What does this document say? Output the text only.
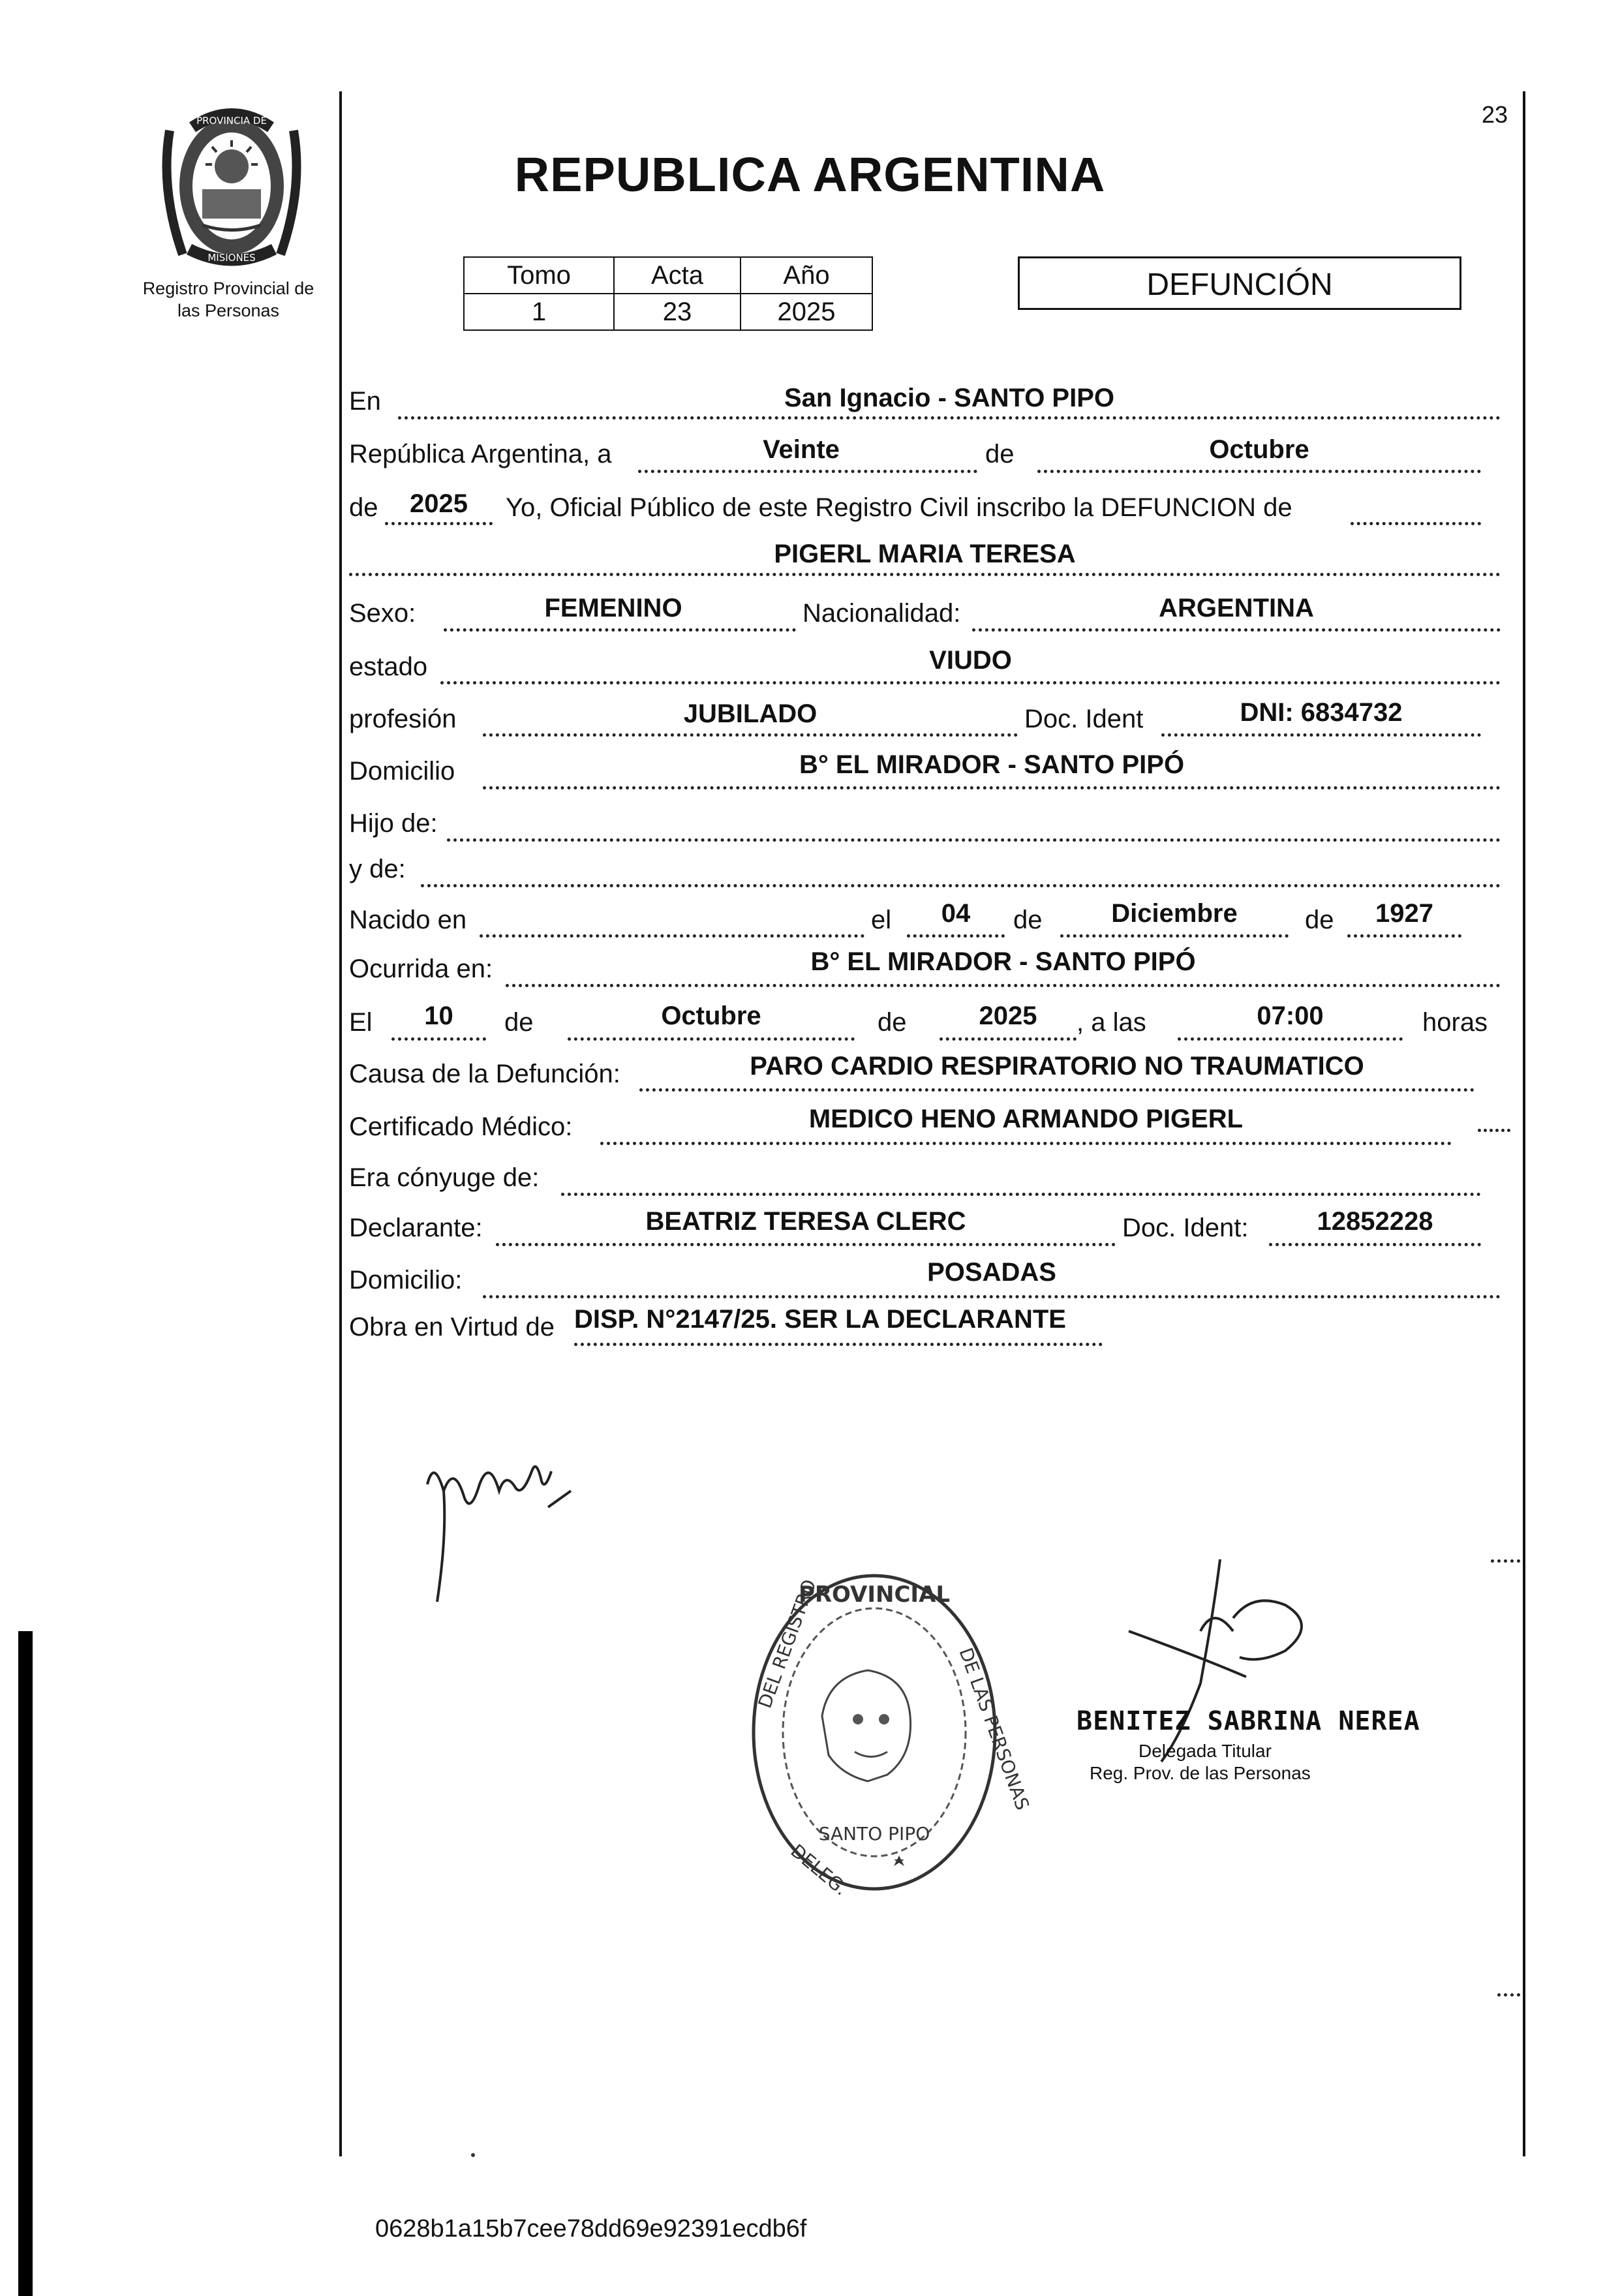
PROVINCIA DE
MISIONES
Registro Provincial de
las Personas
23
REPUBLICA ARGENTINA
Tomo	Acta	Año
1	23	2025
DEFUNCIÓN
En	San Ignacio - SANTO PIPO
República Argentina, a	Veinte	de	Octubre
de	2025	Yo, Oficial Público de este Registro Civil inscribo la DEFUNCION de
PIGERL MARIA TERESA
Sexo:	FEMENINO	Nacionalidad:	ARGENTINA
estado	VIUDO
profesión	JUBILADO	Doc. Ident	DNI: 6834732
Domicilio	B° EL MIRADOR - SANTO PIPÓ
Hijo de:
y de:
Nacido en	el	04	de	Diciembre	de	1927
Ocurrida en:	B° EL MIRADOR - SANTO PIPÓ
El	10	de	Octubre	de	2025	, a las	07:00	horas
Causa de la Defunción:	PARO CARDIO RESPIRATORIO NO TRAUMATICO
Certificado Médico:	MEDICO HENO ARMANDO PIGERL
Era cónyuge de:
Declarante:	BEATRIZ TERESA CLERC	Doc. Ident:	12852228
Domicilio:	POSADAS
Obra en Virtud de DISP. N°2147/25. SER LA DECLARANTE
PROVINCIAL
DEL REGISTRO
DE LAS PERSONAS
SANTO PIPO
DELEG.
BENITEZ SABRINA NEREA
Delegada Titular
Reg. Prov. de las Personas
0628b1a15b7cee78dd69e92391ecdb6f
